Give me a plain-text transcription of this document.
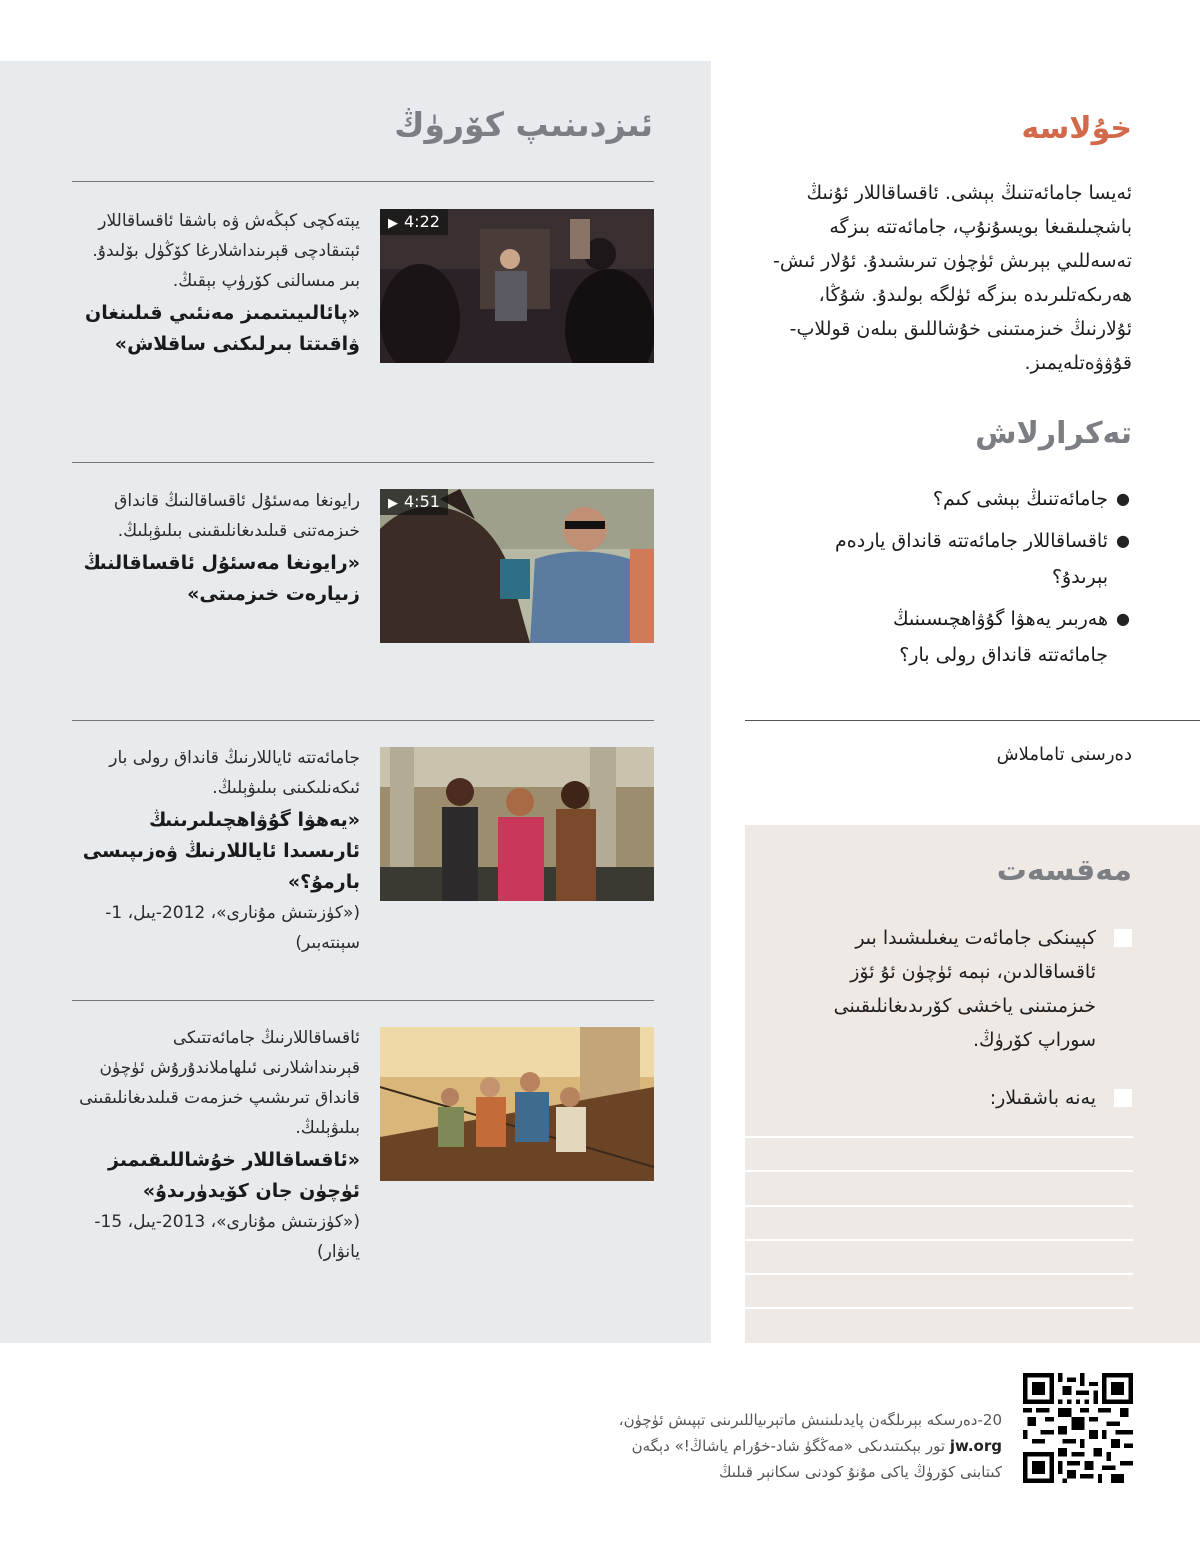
ئىزدىنىپ كۆرۈڭ
يېتەكچى كېڭەش ۋە باشقا ئاقساقاللار ئېتىقادچى قېرىنداشلارغا كۆڭۈل بۆلىدۇ. بىر مىسالنى كۆرۈپ بېقىڭ.
«پائالىيىتىمىز مەنئىي قىلىنغان ۋاقىتتا بىرلىكنى ساقلاش»
▶ 4:22
رايونغا مەسئۇل ئاقساقالنىڭ قانداق خىزمەتنى قىلىدىغانلىقىنى بىلىۋېلىڭ.
«رايونغا مەسئۇل ئاقساقالنىڭ زىيارەت خىزمىتى»
▶ 4:51
جامائەتتە ئاياللارنىڭ قانداق رولى بار ئىكەنلىكىنى بىلىۋېلىڭ.
«يەھۋا گۇۋاھچىلىرىنىڭ ئارىسىدا ئاياللارنىڭ ۋەزىپىسى بارمۇ؟»
(«كۈزىتىش مۇنارى»، 2012-يىل، 1-سېنتەبىر)
ئاقساقاللارنىڭ جامائەتتىكى قېرىنداشلارنى ئىلھاملاندۇرۇش ئۈچۈن قانداق تىرىشىپ خىزمەت قىلىدىغانلىقىنى بىلىۋېلىڭ.
«ئاقساقاللار خۇشاللىقىمىز ئۈچۈن جان كۆيدۈرىدۇ»
(«كۈزىتىش مۇنارى»، 2013-يىل، 15-يانۋار)
خۇلاسە
ئەيسا جامائەتنىڭ بېشى. ئاقساقاللار ئۇنىڭ باشچىلىقىغا بويسۇنۇپ، جامائەتتە بىزگە تەسەللىي بېرىش ئۈچۈن تىرىشىدۇ. ئۇلار ئىش-ھەرىكەتلىرىدە بىزگە ئۈلگە بولىدۇ. شۇڭا، ئۇلارنىڭ خىزمىتىنى خۇشاللىق بىلەن قوللاپ-قۇۋۋەتلەيمىز.
تەكرارلاش
●
جامائەتنىڭ بېشى كىم؟
●
ئاقساقاللار جامائەتتە قانداق ياردەم بېرىدۇ؟
●
ھەربىر يەھۋا گۇۋاھچىسىنىڭ جامائەتتە قانداق رولى بار؟
دەرسنى تاماملاش
مەقسەت
كېيىنكى جامائەت يىغىلىشىدا بىر ئاقساقالدىن، نېمە ئۈچۈن ئۇ ئۆز خىزمىتىنى ياخشى كۆرىدىغانلىقىنى سوراپ كۆرۈڭ.
يەنە باشقىلار:
20-دەرسكە بېرىلگەن پايدىلىنىش ماتېرىياللىرىنى تېپىش ئۈچۈن،
jw.org تور بېكىتىدىكى «مەڭگۈ شاد-خۇرام ياشاڭ!» دېگەن
كىتابنى كۆرۈڭ ياكى مۇنۇ كودنى سكانېر قىلىڭ
